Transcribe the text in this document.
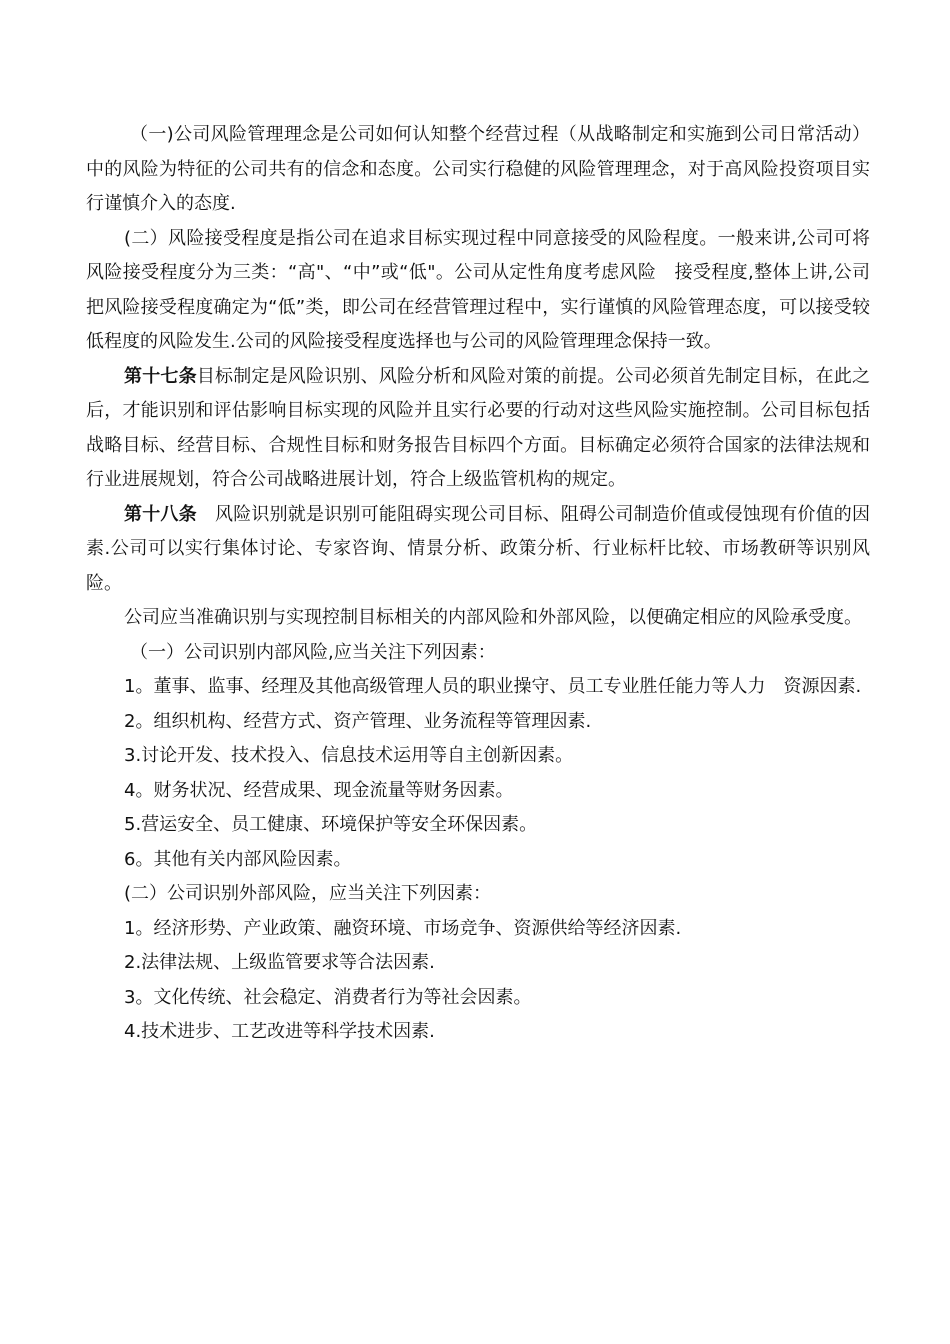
（一)公司风险管理理念是公司如何认知整个经营过程（从战略制定和实施到公司日常活动）中的风险为特征的公司共有的信念和态度。公司实行稳健的风险管理理念，对于高风险投资项目实行谨慎介入的态度.

(二）风险接受程度是指公司在追求目标实现过程中同意接受的风险程度。一般来讲,公司可将风险接受程度分为三类：“高"、“中”或“低"。公司从定性角度考虑风险 接受程度,整体上讲,公司把风险接受程度确定为“低”类，即公司在经营管理过程中，实行谨慎的风险管理态度，可以接受较低程度的风险发生.公司的风险接受程度选择也与公司的风险管理理念保持一致。

第十七条目标制定是风险识别、风险分析和风险对策的前提。公司必须首先制定目标，在此之后，才能识别和评估影响目标实现的风险并且实行必要的行动对这些风险实施控制。公司目标包括战略目标、经营目标、合规性目标和财务报告目标四个方面。目标确定必须符合国家的法律法规和行业进展规划，符合公司战略进展计划，符合上级监管机构的规定。

第十八条 风险识别就是识别可能阻碍实现公司目标、阻碍公司制造价值或侵蚀现有价值的因素.公司可以实行集体讨论、专家咨询、情景分析、政策分析、行业标杆比较、市场教研等识别风险。

公司应当准确识别与实现控制目标相关的内部风险和外部风险，以便确定相应的风险承受度。

（一）公司识别内部风险,应当关注下列因素：

1。董事、监事、经理及其他高级管理人员的职业操守、员工专业胜任能力等人力 资源因素.

2。组织机构、经营方式、资产管理、业务流程等管理因素.

3.讨论开发、技术投入、信息技术运用等自主创新因素。

4。财务状况、经营成果、现金流量等财务因素。

5.营运安全、员工健康、环境保护等安全环保因素。

6。其他有关内部风险因素。

(二）公司识别外部风险，应当关注下列因素：

1。经济形势、产业政策、融资环境、市场竞争、资源供给等经济因素.

2.法律法规、上级监管要求等合法因素.

3。文化传统、社会稳定、消费者行为等社会因素。

4.技术进步、工艺改进等科学技术因素.
